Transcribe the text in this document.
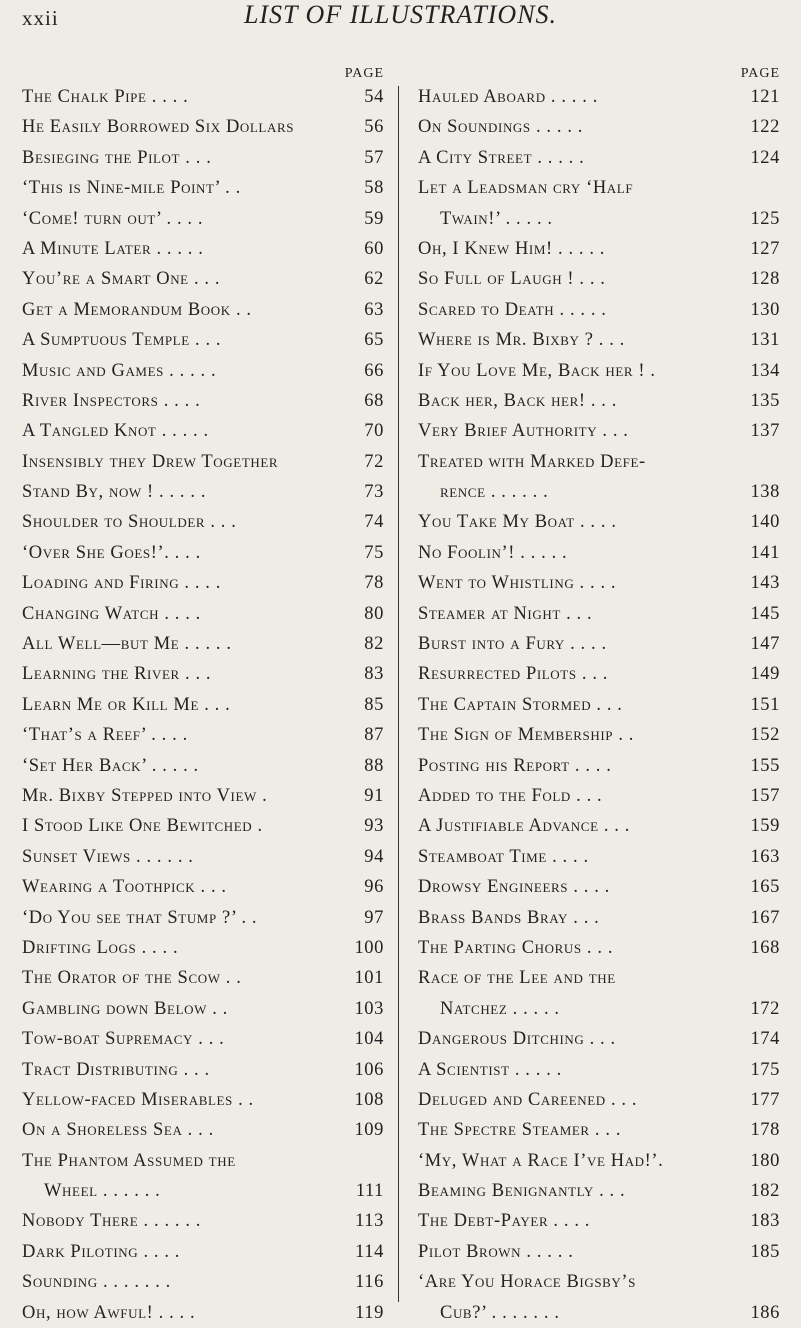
xxii	LIST OF ILLUSTRATIONS.
PAGE
The Chalk Pipe . . . .	54
He Easily Borrowed Six Dollars	56
Besieging the Pilot . . .	57
‘This is Nine-mile Point’ . .	58
‘Come! turn out’ . . . .	59
A Minute Later . . . . .	60
You’re a Smart One . . .	62
Get a Memorandum Book . .	63
A Sumptuous Temple . . .	65
Music and Games . . . . .	66
River Inspectors . . . .	68
A Tangled Knot . . . . .	70
Insensibly they Drew Together	72
Stand By, now ! . . . . .	73
Shoulder to Shoulder . . .	74
‘Over She Goes!’. . . .	75
Loading and Firing . . . .	78
Changing Watch . . . .	80
All Well—but Me . . . . .	82
Learning the River . . .	83
Learn Me or Kill Me . . .	85
‘That’s a Reef’ . . . .	87
‘Set Her Back’ . . . . .	88
Mr. Bixby Stepped into View .	91
I Stood Like One Bewitched .	93
Sunset Views . . . . . .	94
Wearing a Toothpick . . .	96
‘Do You see that Stump ?’ . .	97
Drifting Logs . . . .	100
The Orator of the Scow . .	101
Gambling down Below . .	103
Tow-boat Supremacy . . .	104
Tract Distributing . . .	106
Yellow-faced Miserables . .	108
On a Shoreless Sea . . .	109
The Phantom Assumed the
Wheel . . . . . .	111
Nobody There . . . . . .	113
Dark Piloting . . . .	114
Sounding . . . . . . .	116
Oh, how Awful! . . . .	119
PAGE
Hauled Aboard . . . . .	121
On Soundings . . . . .	122
A City Street . . . . .	124
Let a Leadsman cry ‘Half
Twain!’ . . . . .	125
Oh, I Knew Him! . . . . .	127
So Full of Laugh ! . . .	128
Scared to Death . . . . .	130
Where is Mr. Bixby ? . . .	131
If You Love Me, Back her ! .	134
Back her, Back her! . . .	135
Very Brief Authority . . .	137
Treated with Marked Defe-
rence . . . . . .	138
You Take My Boat . . . .	140
No Foolin’! . . . . .	141
Went to Whistling . . . .	143
Steamer at Night . . .	145
Burst into a Fury . . . .	147
Resurrected Pilots . . .	149
The Captain Stormed . . .	151
The Sign of Membership . .	152
Posting his Report . . . .	155
Added to the Fold . . .	157
A Justifiable Advance . . .	159
Steamboat Time . . . .	163
Drowsy Engineers . . . .	165
Brass Bands Bray . . .	167
The Parting Chorus . . .	168
Race of the Lee and the
Natchez . . . . .	172
Dangerous Ditching . . .	174
A Scientist . . . . .	175
Deluged and Careened . . .	177
The Spectre Steamer . . .	178
‘My, What a Race I’ve Had!’.	180
Beaming Benignantly . . .	182
The Debt-Payer . . . .	183
Pilot Brown . . . . .	185
‘Are You Horace Bigsby’s
Cub?’ . . . . . . .	186
